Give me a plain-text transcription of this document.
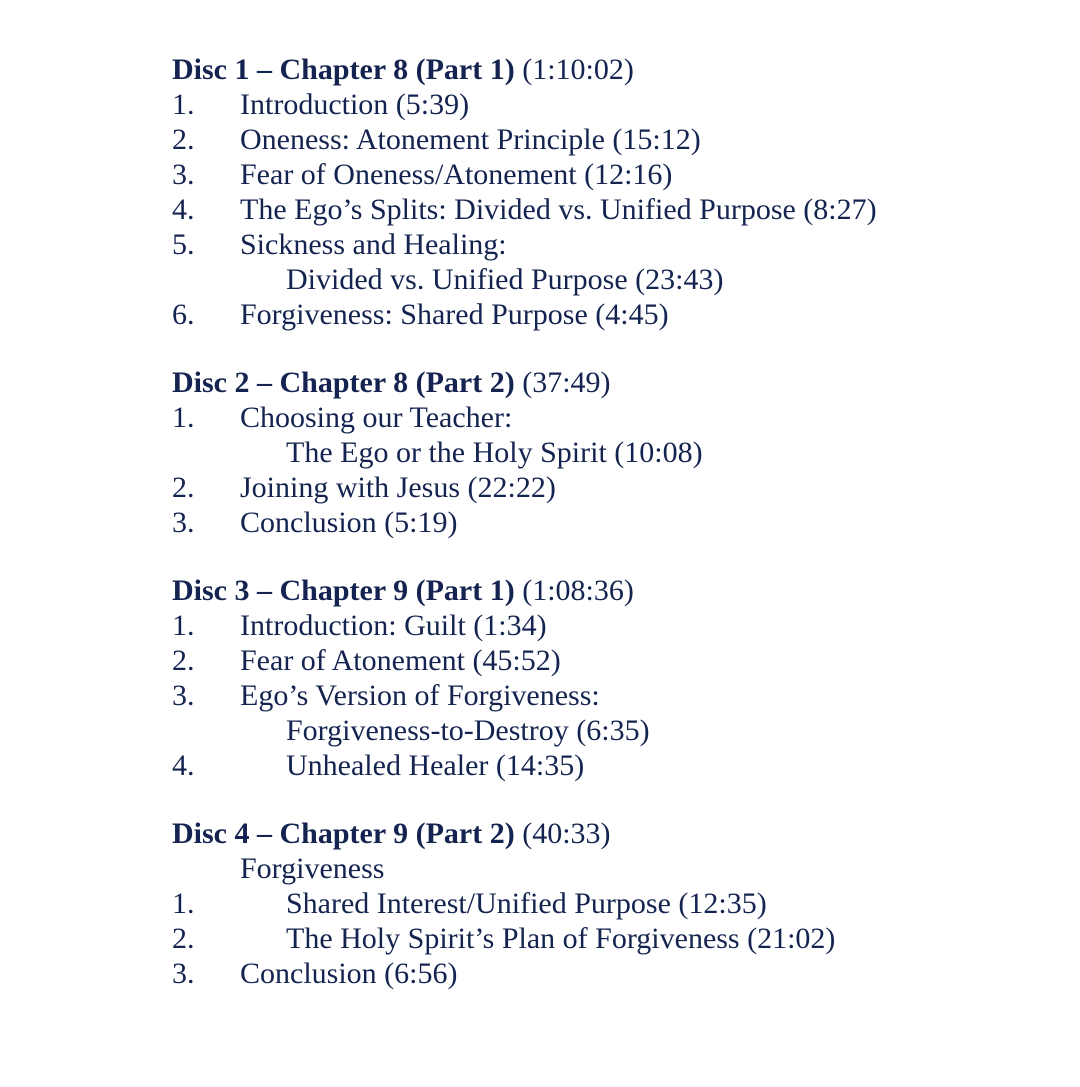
Disc 1 – Chapter 8 (Part 1) (1:10:02)
1. Introduction (5:39)
2. Oneness: Atonement Principle (15:12)
3. Fear of Oneness/Atonement (12:16)
4. The Ego’s Splits: Divided vs. Unified Purpose (8:27)
5. Sickness and Healing:
Divided vs. Unified Purpose (23:43)
6. Forgiveness: Shared Purpose (4:45)
Disc 2 – Chapter 8 (Part 2) (37:49)
1. Choosing our Teacher:
The Ego or the Holy Spirit (10:08)
2. Joining with Jesus (22:22)
3. Conclusion (5:19)
Disc 3 – Chapter 9 (Part 1) (1:08:36)
1. Introduction: Guilt (1:34)
2. Fear of Atonement (45:52)
3. Ego’s Version of Forgiveness:
Forgiveness-to-Destroy (6:35)
4.	Unhealed Healer (14:35)
Disc 4 – Chapter 9 (Part 2) (40:33)
Forgiveness
1.	Shared Interest/Unified Purpose (12:35)
2.	The Holy Spirit’s Plan of Forgiveness (21:02)
3. Conclusion (6:56)
